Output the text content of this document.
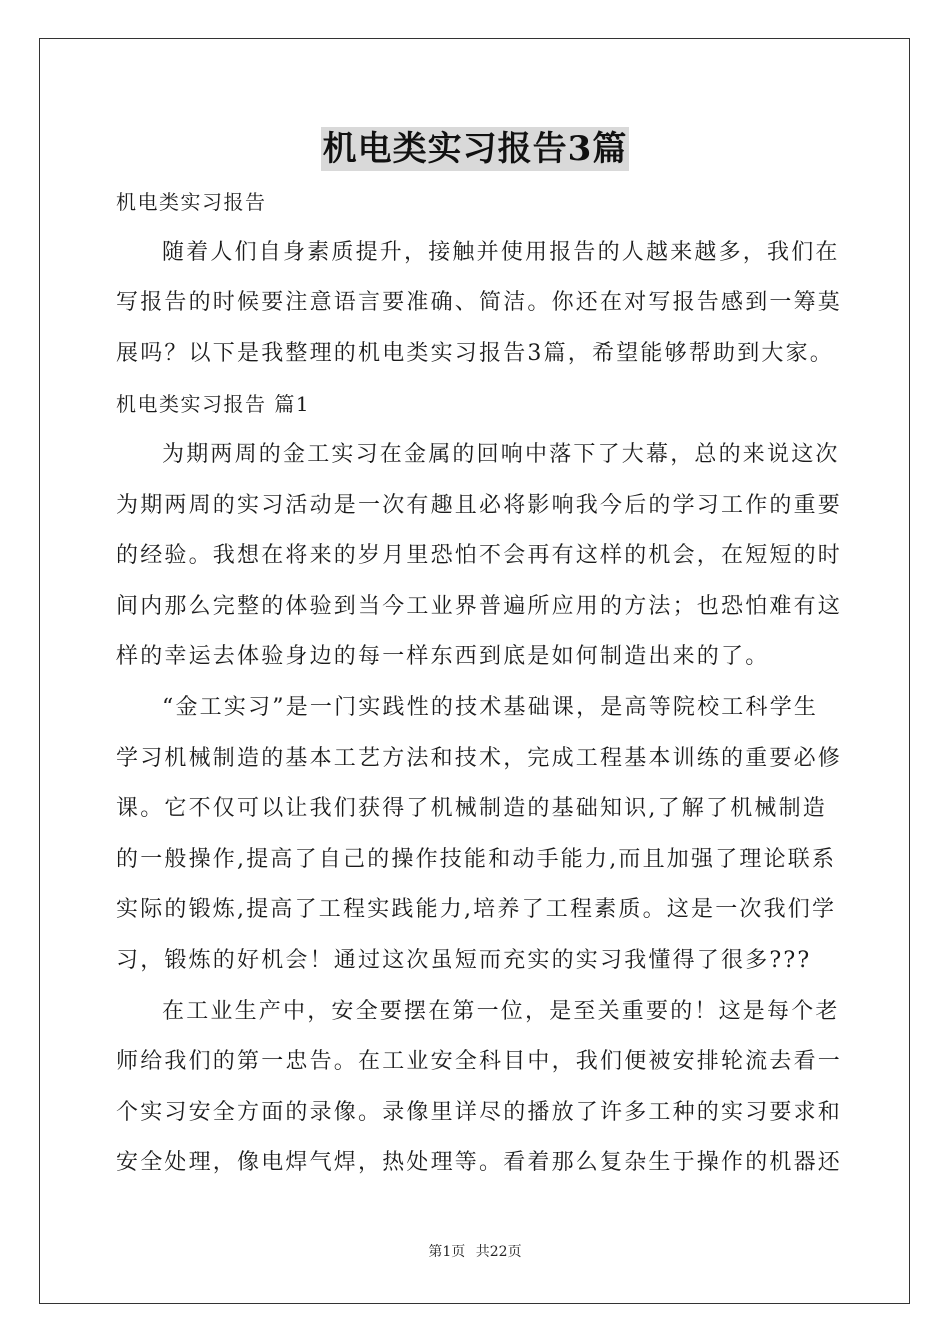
机电类实习报告3篇
机电类实习报告
随着人们自身素质提升，接触并使用报告的人越来越多，我们在
写报告的时候要注意语言要准确、简洁。你还在对写报告感到一筹莫
展吗？以下是我整理的机电类实习报告3篇，希望能够帮助到大家。
机电类实习报告 篇1
为期两周的金工实习在金属的回响中落下了大幕，总的来说这次
为期两周的实习活动是一次有趣且必将影响我今后的学习工作的重要
的经验。我想在将来的岁月里恐怕不会再有这样的机会，在短短的时
间内那么完整的体验到当今工业界普遍所应用的方法；也恐怕难有这
样的幸运去体验身边的每一样东西到底是如何制造出来的了。
“金工实习”是一门实践性的技术基础课，是高等院校工科学生
学习机械制造的基本工艺方法和技术，完成工程基本训练的重要必修
课。它不仅可以让我们获得了机械制造的基础知识,了解了机械制造
的一般操作,提高了自己的操作技能和动手能力,而且加强了理论联系
实际的锻炼,提高了工程实践能力,培养了工程素质。这是一次我们学
习，锻炼的好机会！通过这次虽短而充实的实习我懂得了很多???
在工业生产中，安全要摆在第一位，是至关重要的！这是每个老
师给我们的第一忠告。在工业安全科目中，我们便被安排轮流去看一
个实习安全方面的录像。录像里详尽的播放了许多工种的实习要求和
安全处理，像电焊气焊，热处理等。看着那么复杂生于操作的机器还
第1页 共22页
